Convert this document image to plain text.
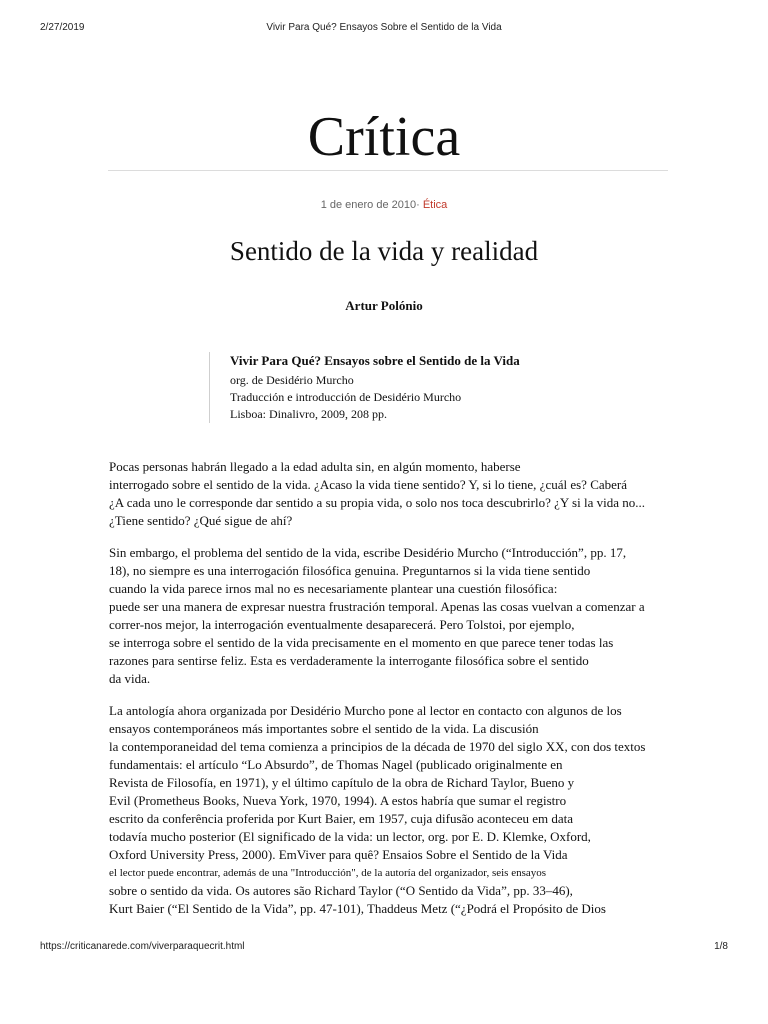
2/27/2019	Vivir Para Qué? Ensayos Sobre el Sentido de la Vida
Crítica
1 de enero de 2010· Ética
Sentido de la vida y realidad
Artur Polónio
Vivir Para Qué? Ensayos sobre el Sentido de la Vida
org. de Desidério Murcho
Traducción e introducción de Desidério Murcho
Lisboa: Dinalivro, 2009, 208 pp.

Pocas personas habrán llegado a la edad adulta sin, en algún momento, haberse
interrogado sobre el sentido de la vida. ¿Acaso la vida tiene sentido? Y, si lo tiene, ¿cuál es? Caberá
¿A cada uno le corresponde dar sentido a su propia vida, o solo nos toca descubrirlo? ¿Y si la vida no...
¿Tiene sentido? ¿Qué sigue de ahí?

Sin embargo, el problema del sentido de la vida, escribe Desidério Murcho (“Introducción”, pp. 17,
18), no siempre es una interrogación filosófica genuina. Preguntarnos si la vida tiene sentido
cuando la vida parece irnos mal no es necesariamente plantear una cuestión filosófica:
puede ser una manera de expresar nuestra frustración temporal. Apenas las cosas vuelvan a comenzar a
correr-nos mejor, la interrogación eventualmente desaparecerá. Pero Tolstoi, por ejemplo,
se interroga sobre el sentido de la vida precisamente en el momento en que parece tener todas las
razones para sentirse feliz. Esta es verdaderamente la interrogante filosófica sobre el sentido
da vida.

La antología ahora organizada por Desidério Murcho pone al lector en contacto con algunos de los
ensayos contemporáneos más importantes sobre el sentido de la vida. La discusión
la contemporaneidad del tema comienza a principios de la década de 1970 del siglo XX, con dos textos
fundamentais: el artículo “Lo Absurdo”, de Thomas Nagel (publicado originalmente en
Revista de Filosofía, en 1971), y el último capítulo de la obra de Richard Taylor, Bueno y
Evil (Prometheus Books, Nueva York, 1970, 1994). A estos habría que sumar el registro
escrito da conferência proferida por Kurt Baier, em 1957, cuja difusão aconteceu em data
todavía mucho posterior (El significado de la vida: un lector, org. por E. D. Klemke, Oxford,
Oxford University Press, 2000). EmViver para quê? Ensaios Sobre el Sentido de la Vida
el lector puede encontrar, además de una "Introducción", de la autoría del organizador, seis ensayos
sobre o sentido da vida. Os autores são Richard Taylor (“O Sentido da Vida”, pp. 33–46),
Kurt Baier (“El Sentido de la Vida”, pp. 47-101), Thaddeus Metz (“¿Podrá el Propósito de Dios

https://criticanarede.com/viverparaquecrit.html	1/8
